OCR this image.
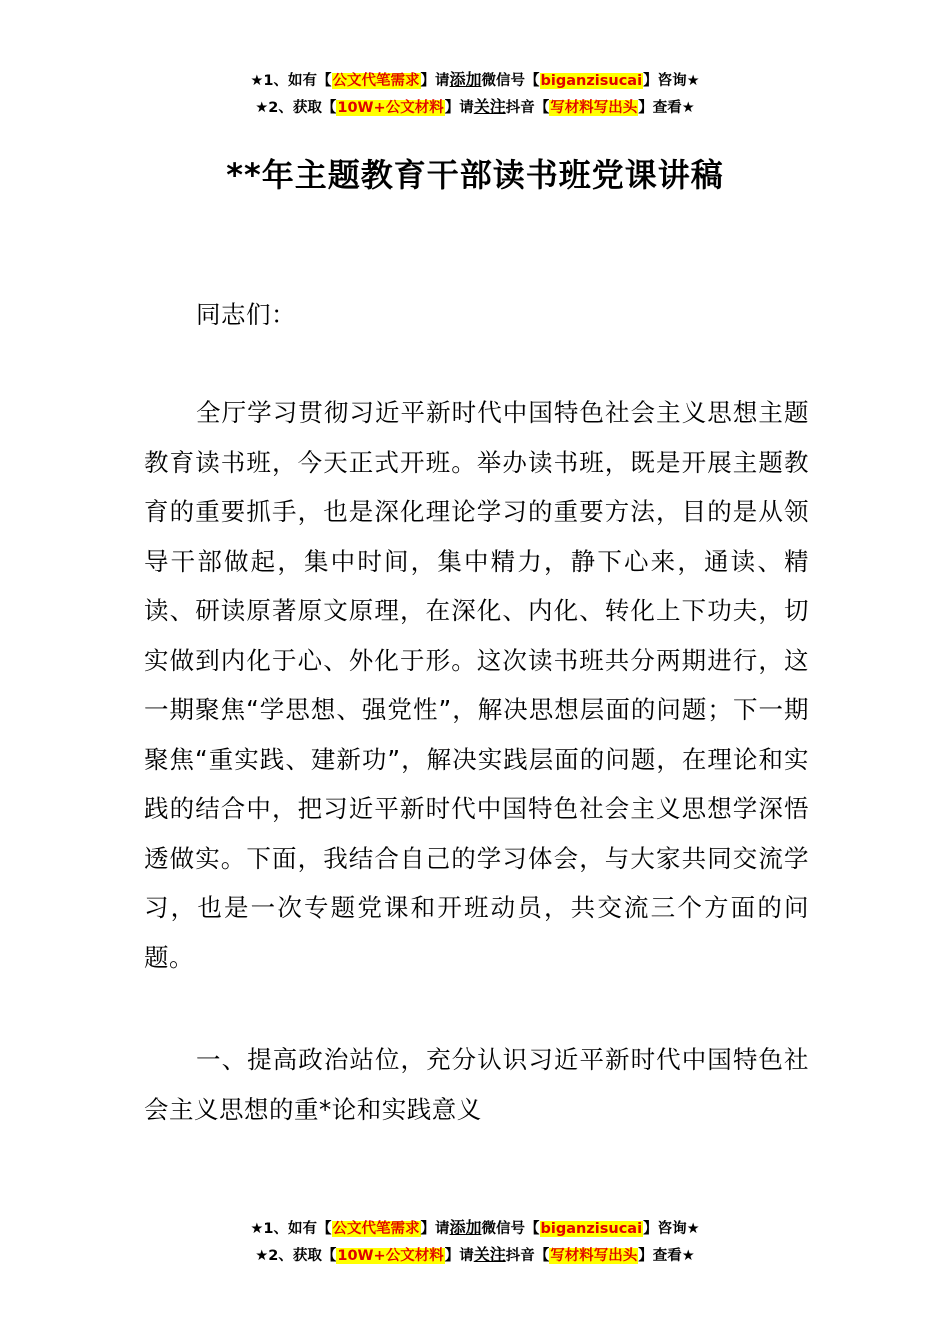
★1、如有【公文代笔需求】请添加微信号【biganzisucai】咨询★
★2、获取【10W+公文材料】请关注抖音【写材料写出头】查看★
**年主题教育干部读书班党课讲稿
同志们：
全厅学习贯彻习近平新时代中国特色社会主义思想主题教育读书班，今天正式开班。举办读书班，既是开展主题教育的重要抓手，也是深化理论学习的重要方法，目的是从领导干部做起，集中时间，集中精力，静下心来，通读、精读、研读原著原文原理，在深化、内化、转化上下功夫，切实做到内化于心、外化于形。这次读书班共分两期进行，这一期聚焦“学思想、强党性”，解决思想层面的问题；下一期聚焦“重实践、建新功”，解决实践层面的问题，在理论和实践的结合中，把习近平新时代中国特色社会主义思想学深悟透做实。下面，我结合自己的学习体会，与大家共同交流学习，也是一次专题党课和开班动员，共交流三个方面的问题。
一、提高政治站位，充分认识习近平新时代中国特色社会主义思想的重*论和实践意义
★1、如有【公文代笔需求】请添加微信号【biganzisucai】咨询★
★2、获取【10W+公文材料】请关注抖音【写材料写出头】查看★
